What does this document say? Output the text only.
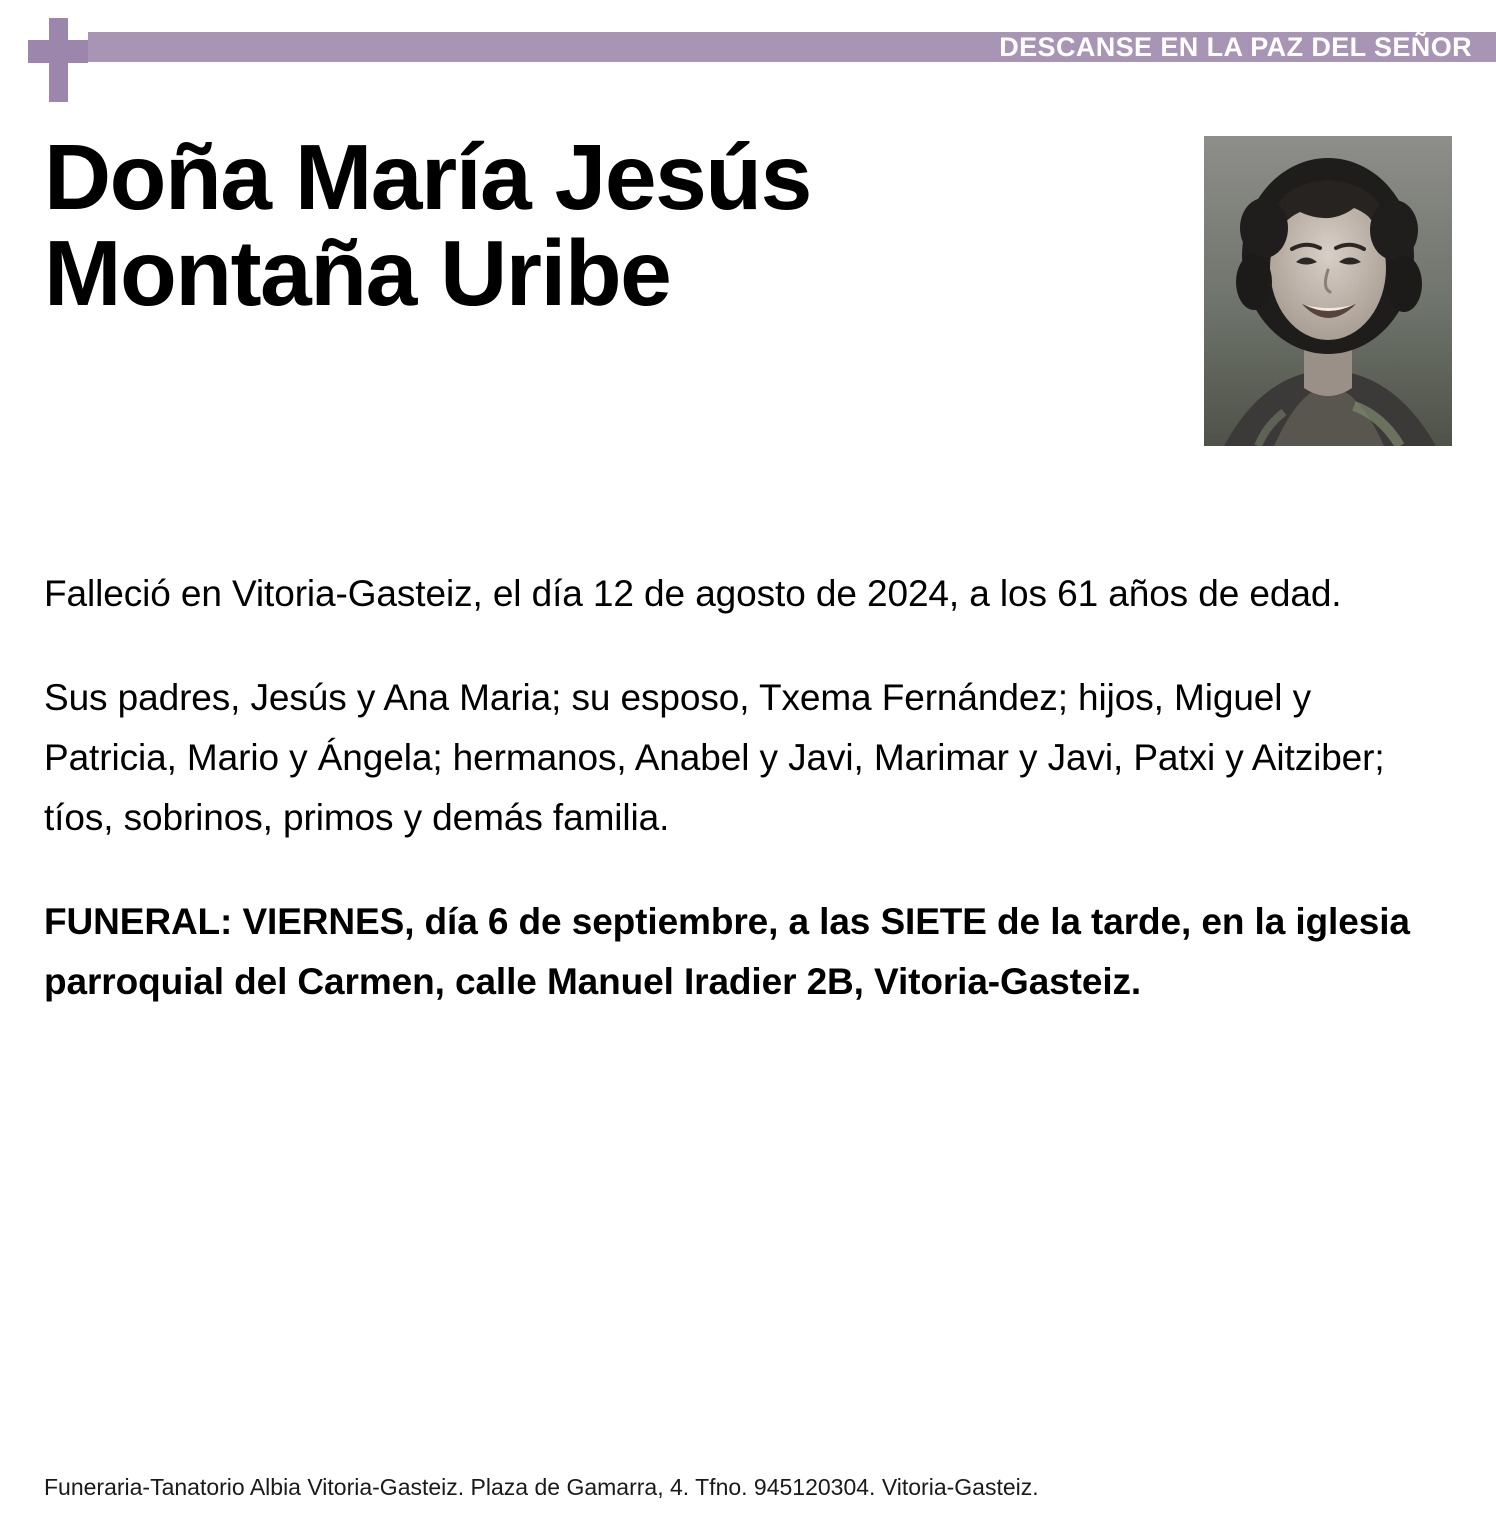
DESCANSE EN LA PAZ DEL SEÑOR
Doña María Jesús Montaña Uribe

Falleció en Vitoria-Gasteiz, el día 12 de agosto de 2024, a los 61 años de edad.

Sus padres, Jesús y Ana Maria; su esposo, Txema Fernández; hijos, Miguel y Patricia, Mario y Ángela; hermanos, Anabel y Javi, Marimar y Javi, Patxi y Aitziber; tíos, sobrinos, primos y demás familia.

FUNERAL: VIERNES, día 6 de septiembre, a las SIETE de la tarde, en la iglesia parroquial del Carmen, calle Manuel Iradier 2B, Vitoria-Gasteiz.

Funeraria-Tanatorio Albia Vitoria-Gasteiz. Plaza de Gamarra, 4. Tfno. 945120304. Vitoria-Gasteiz.
